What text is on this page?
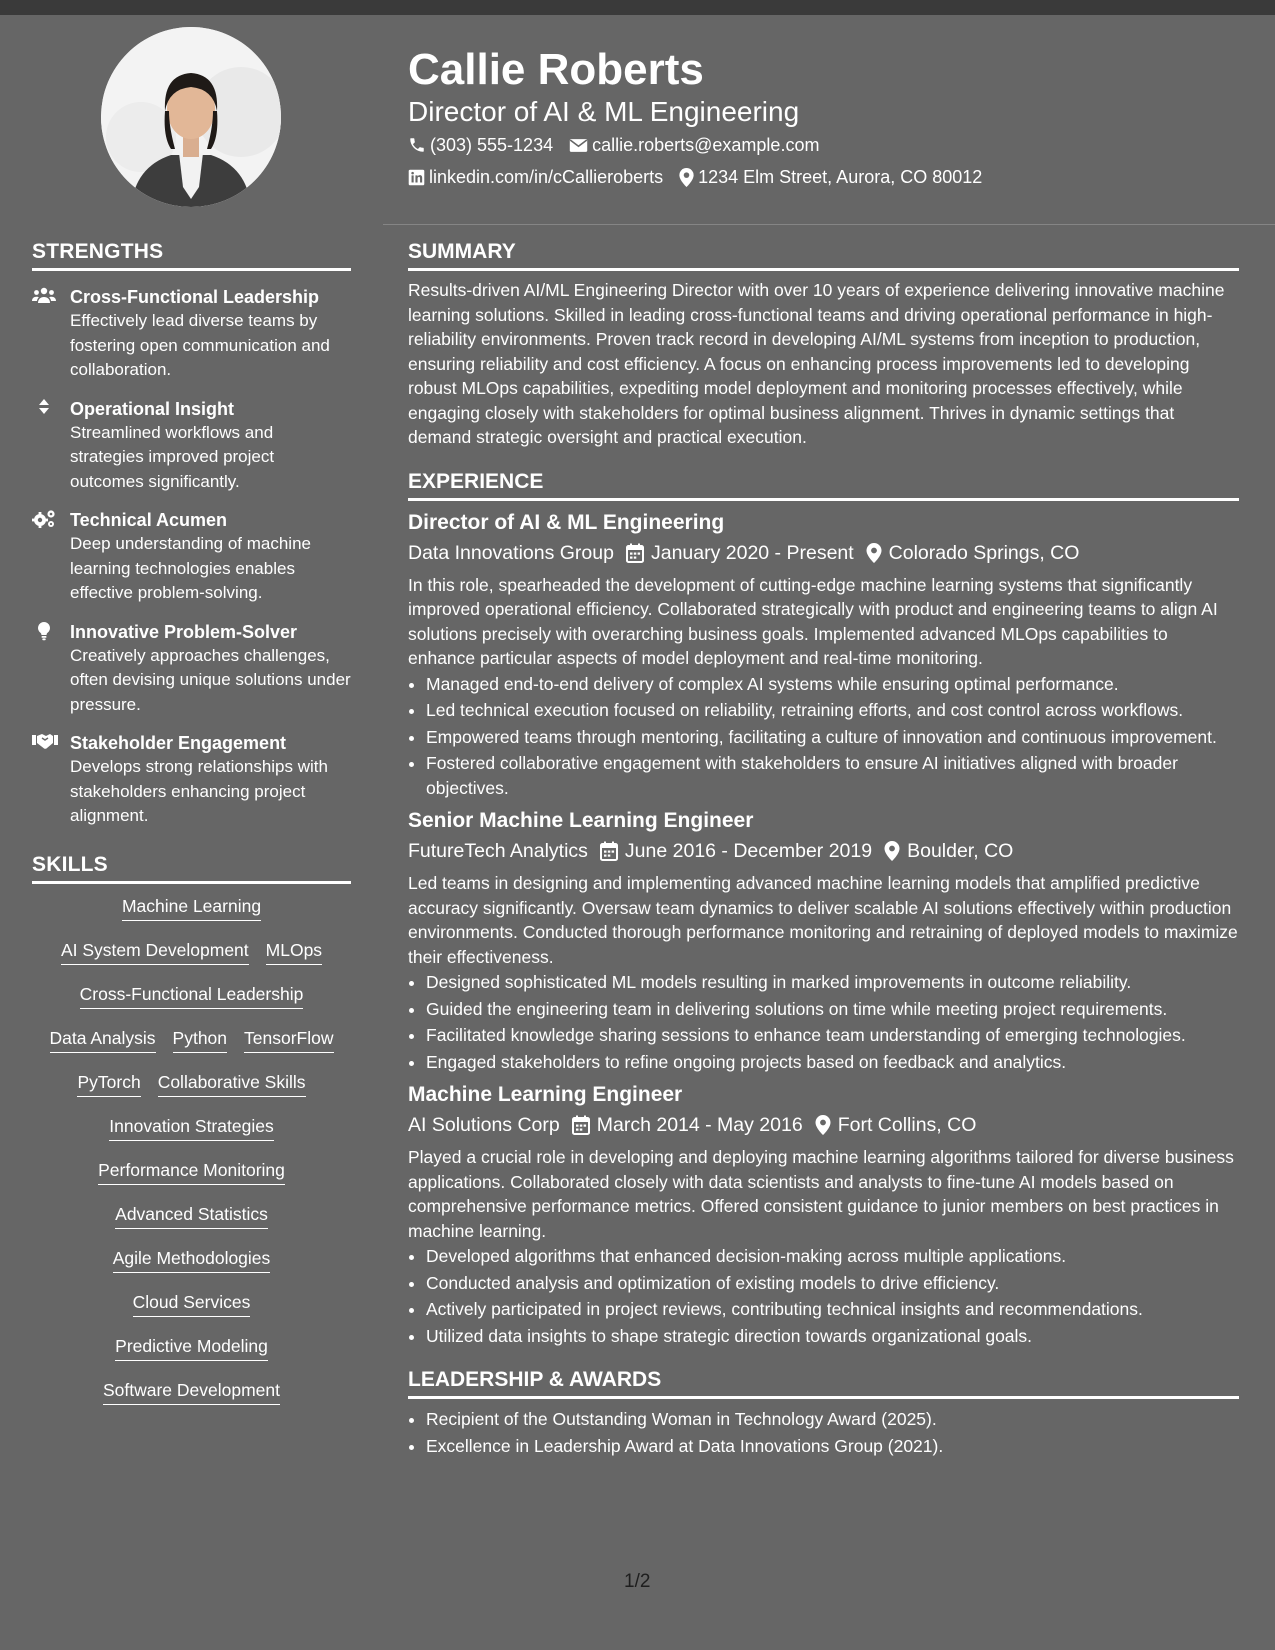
Callie Roberts
Director of AI & ML Engineering
(303) 555-1234 callie.roberts@example.com
linkedin.com/in/cCallieroberts 1234 Elm Street, Aurora, CO 80012
STRENGTHS
Cross-Functional Leadership
Effectively lead diverse teams by fostering open communication and collaboration.
Operational Insight
Streamlined workflows and strategies improved project outcomes significantly.
Technical Acumen
Deep understanding of machine learning technologies enables effective problem-solving.
Innovative Problem-Solver
Creatively approaches challenges, often devising unique solutions under pressure.
Stakeholder Engagement
Develops strong relationships with stakeholders enhancing project alignment.
SKILLS
Machine Learning
AI System Development MLOps
Cross-Functional Leadership
Data Analysis Python TensorFlow
PyTorch Collaborative Skills
Innovation Strategies
Performance Monitoring
Advanced Statistics
Agile Methodologies
Cloud Services
Predictive Modeling
Software Development
SUMMARY

Results-driven AI/ML Engineering Director with over 10 years of experience delivering innovative machine learning solutions. Skilled in leading cross-functional teams and driving operational performance in high-reliability environments. Proven track record in developing AI/ML systems from inception to production, ensuring reliability and cost efficiency. A focus on enhancing process improvements led to developing robust MLOps capabilities, expediting model deployment and monitoring processes effectively, while engaging closely with stakeholders for optimal business alignment. Thrives in dynamic settings that demand strategic oversight and practical execution.

EXPERIENCE
Director of AI & ML Engineering
Data Innovations Group January 2020 - Present Colorado Springs, CO

In this role, spearheaded the development of cutting-edge machine learning systems that significantly improved operational efficiency. Collaborated strategically with product and engineering teams to align AI solutions precisely with overarching business goals. Implemented advanced MLOps capabilities to enhance particular aspects of model deployment and real-time monitoring.

• Managed end-to-end delivery of complex AI systems while ensuring optimal performance.
• Led technical execution focused on reliability, retraining efforts, and cost control across workflows.
• Empowered teams through mentoring, facilitating a culture of innovation and continuous improvement.
• Fostered collaborative engagement with stakeholders to ensure AI initiatives aligned with broader objectives.
Senior Machine Learning Engineer
FutureTech Analytics June 2016 - December 2019 Boulder, CO

Led teams in designing and implementing advanced machine learning models that amplified predictive accuracy significantly. Oversaw team dynamics to deliver scalable AI solutions effectively within production environments. Conducted thorough performance monitoring and retraining of deployed models to maximize their effectiveness.

• Designed sophisticated ML models resulting in marked improvements in outcome reliability.
• Guided the engineering team in delivering solutions on time while meeting project requirements.
• Facilitated knowledge sharing sessions to enhance team understanding of emerging technologies.
• Engaged stakeholders to refine ongoing projects based on feedback and analytics.
Machine Learning Engineer
AI Solutions Corp March 2014 - May 2016 Fort Collins, CO

Played a crucial role in developing and deploying machine learning algorithms tailored for diverse business applications. Collaborated closely with data scientists and analysts to fine-tune AI models based on comprehensive performance metrics. Offered consistent guidance to junior members on best practices in machine learning.

• Developed algorithms that enhanced decision-making across multiple applications.
• Conducted analysis and optimization of existing models to drive efficiency.
• Actively participated in project reviews, contributing technical insights and recommendations.
• Utilized data insights to shape strategic direction towards organizational goals.
LEADERSHIP & AWARDS
• Recipient of the Outstanding Woman in Technology Award (2025).
• Excellence in Leadership Award at Data Innovations Group (2021).
1/2
